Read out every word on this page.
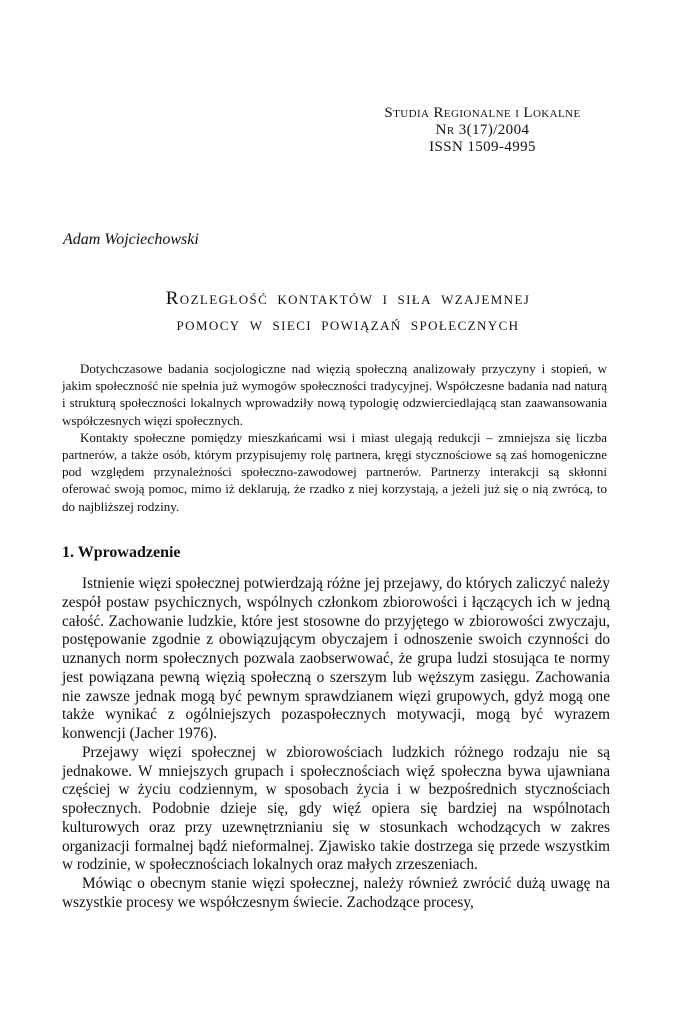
Studia Regionalne i Lokalne
Nr 3(17)/2004
ISSN 1509-4995
Adam Wojciechowski
Rozległość kontaktów i siła wzajemnej
pomocy w sieci powiązań społecznych

Dotychczasowe badania socjologiczne nad więzią społeczną analizowały przyczyny i stopień, w jakim społeczność nie spełnia już wymogów społeczności tradycyjnej. Współczesne badania nad naturą i strukturą społeczności lokalnych wprowadziły nową typologię odzwierciedlającą stan zaawansowania współczesnych więzi społecznych.

Kontakty społeczne pomiędzy mieszkańcami wsi i miast ulegają redukcji – zmniejsza się liczba partnerów, a także osób, którym przypisujemy rolę partnera, kręgi stycznościowe są zaś homogeniczne pod względem przynależności społeczno-zawodowej partnerów. Partnerzy interakcji są skłonni oferować swoją pomoc, mimo iż deklarują, że rzadko z niej korzystają, a jeżeli już się o nią zwrócą, to do najbliższej rodziny.

1. Wprowadzenie

Istnienie więzi społecznej potwierdzają różne jej przejawy, do których zaliczyć należy zespół postaw psychicznych, wspólnych członkom zbiorowości i łączących ich w jedną całość. Zachowanie ludzkie, które jest stosowne do przyjętego w zbiorowości zwyczaju, postępowanie zgodnie z obowiązującym obyczajem i odnoszenie swoich czynności do uznanych norm społecznych pozwala zaobserwować, że grupa ludzi stosująca te normy jest powiązana pewną więzią społeczną o szerszym lub węższym zasięgu. Zachowania nie zawsze jednak mogą być pewnym sprawdzianem więzi grupowych, gdyż mogą one także wynikać z ogólniejszych pozaspołecznych motywacji, mogą być wyrazem konwencji (Jacher 1976).

Przejawy więzi społecznej w zbiorowościach ludzkich różnego rodzaju nie są jednakowe. W mniejszych grupach i społecznościach więź społeczna bywa ujawniana częściej w życiu codziennym, w sposobach życia i w bezpośrednich stycznościach społecznych. Podobnie dzieje się, gdy więź opiera się bardziej na wspólnotach kulturowych oraz przy uzewnętrznianiu się w stosunkach wchodzących w zakres organizacji formalnej bądź nieformalnej. Zjawisko takie dostrzega się przede wszystkim w rodzinie, w społecznościach lokalnych oraz małych zrzeszeniach.

Mówiąc o obecnym stanie więzi społecznej, należy również zwrócić dużą uwagę na wszystkie procesy we współczesnym świecie. Zachodzące procesy,
